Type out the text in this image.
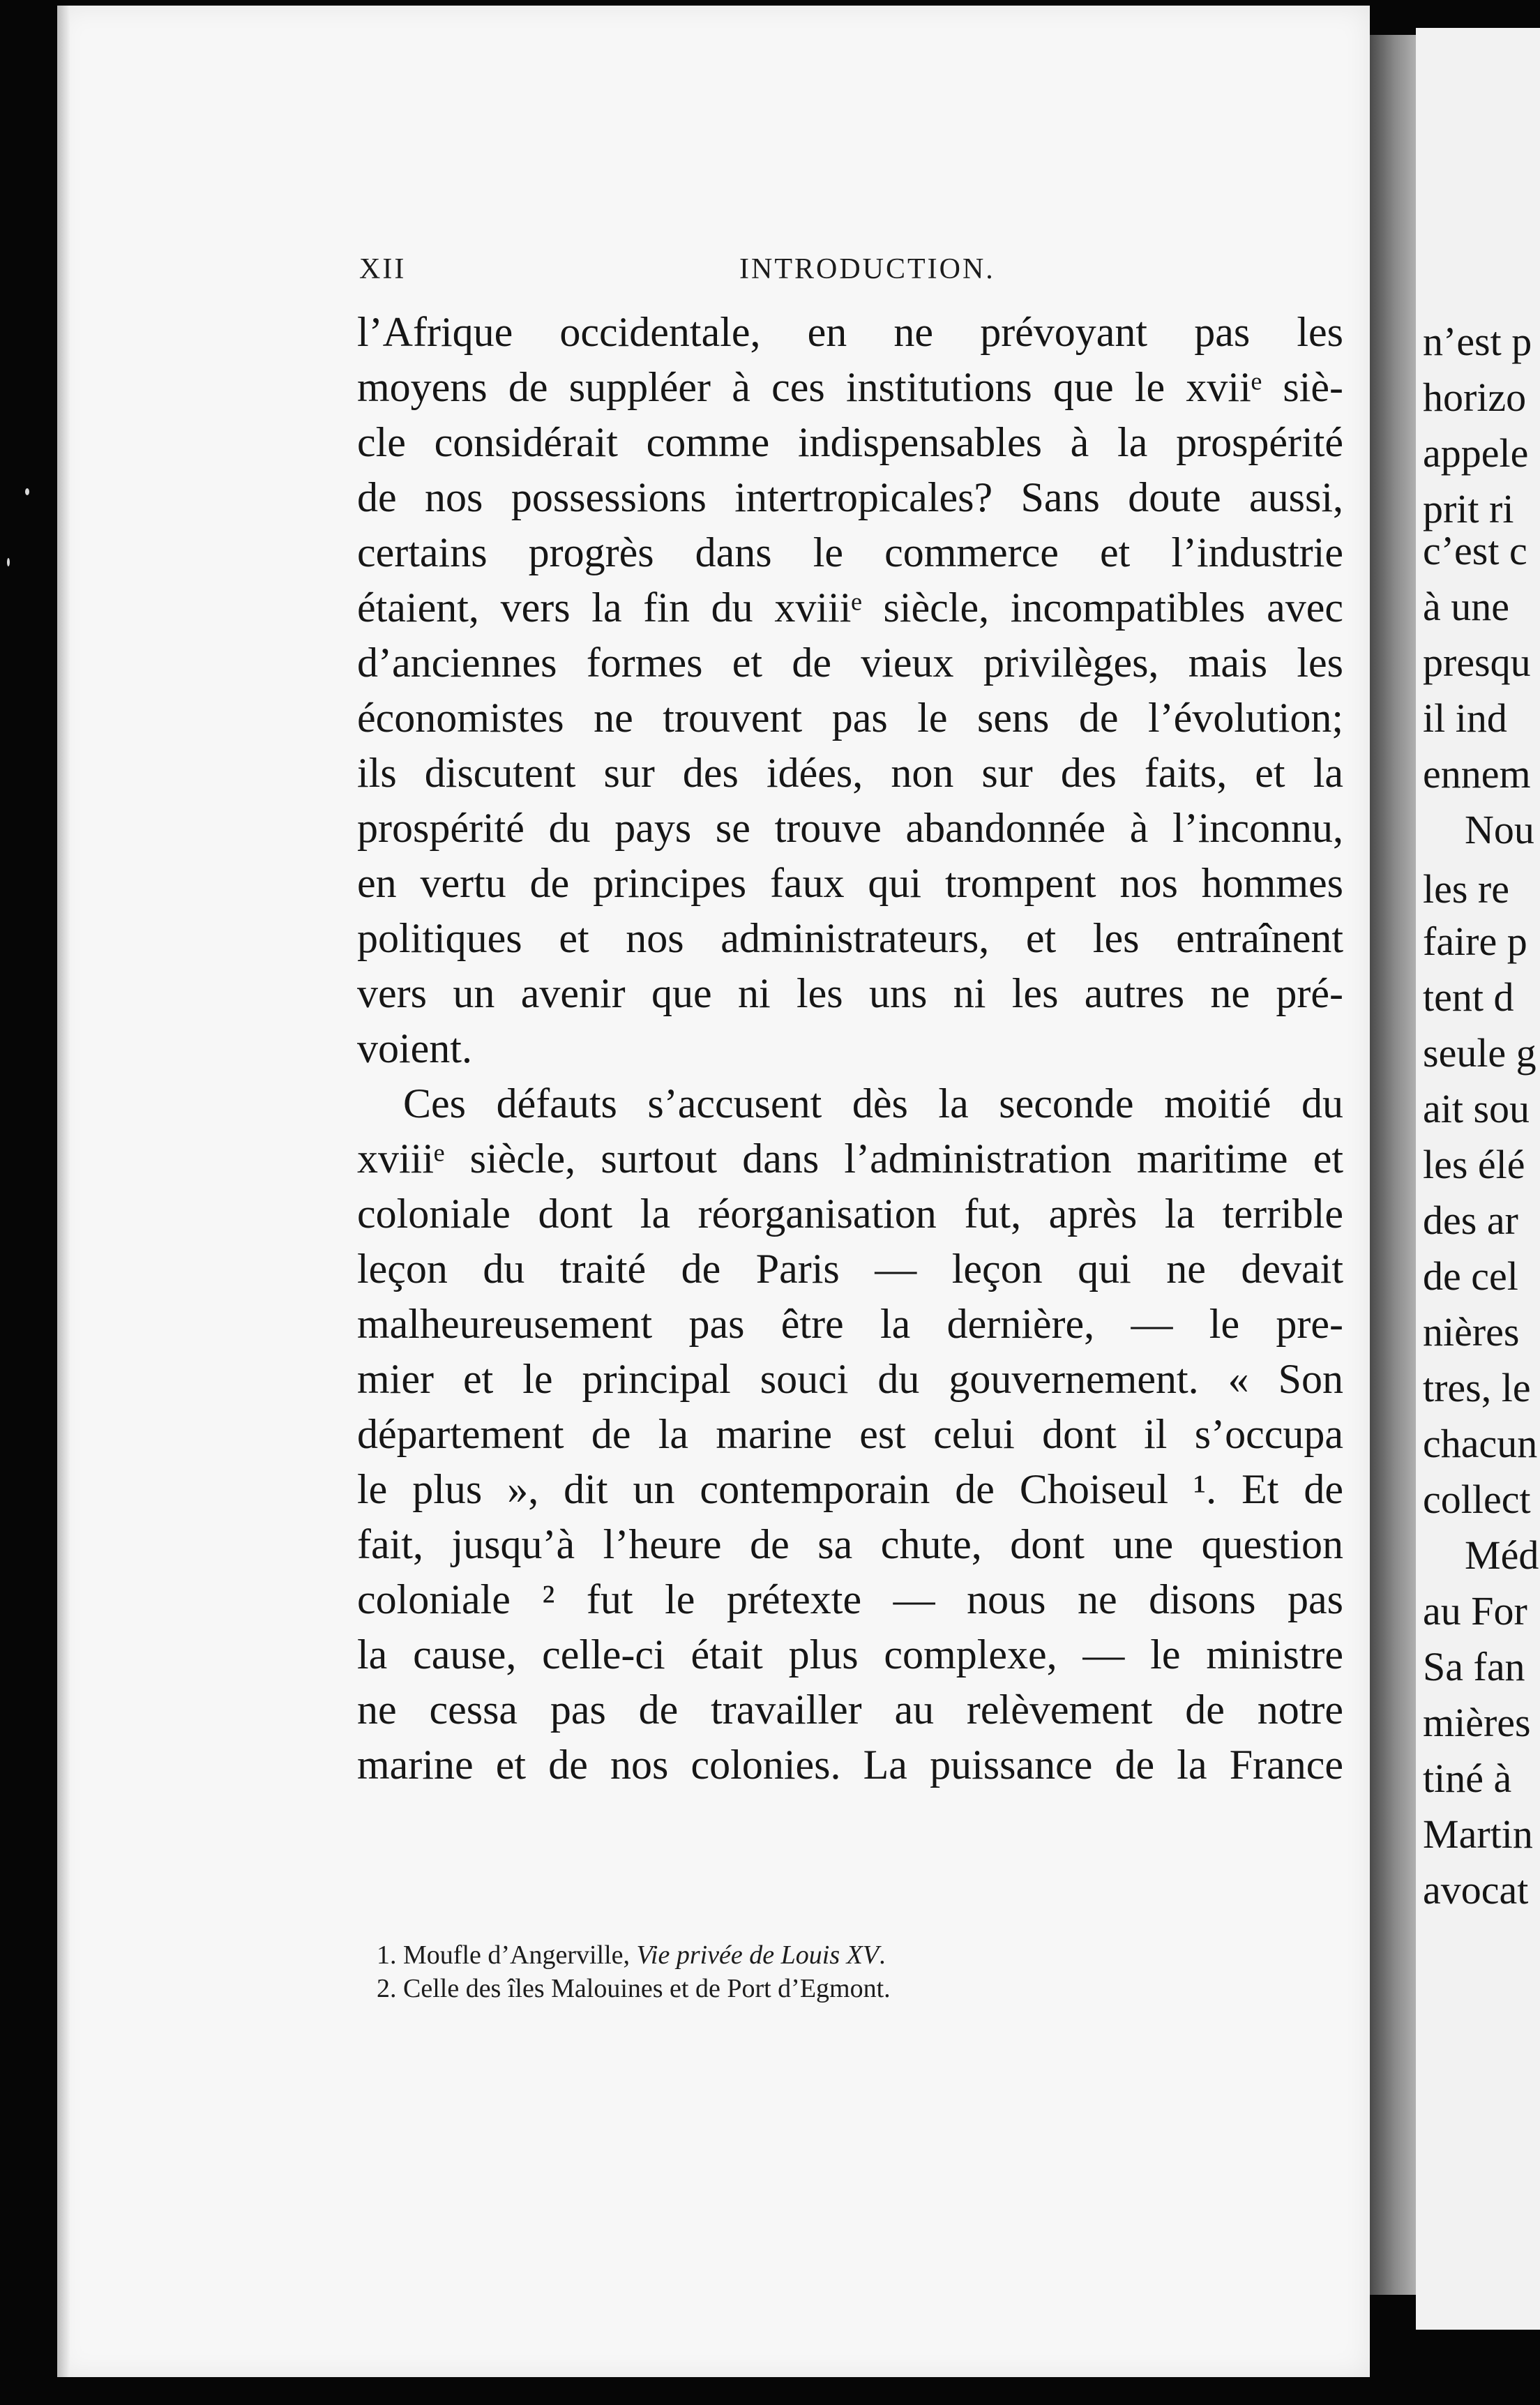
XII	INTRODUCTION.
l’Afrique occidentale, en ne prévoyant pas les
moyens de suppléer à ces institutions que le xviiᵉ siè-
cle considérait comme indispensables à la prospérité
de nos possessions intertropicales? Sans doute aussi,
certains progrès dans le commerce et l’industrie
étaient, vers la fin du xviiiᵉ siècle, incompatibles avec
d’anciennes formes et de vieux privilèges, mais les
économistes ne trouvent pas le sens de l’évolution;
ils discutent sur des idées, non sur des faits, et la
prospérité du pays se trouve abandonnée à l’inconnu,
en vertu de principes faux qui trompent nos hommes
politiques et nos administrateurs, et les entraînent
vers un avenir que ni les uns ni les autres ne pré-
voient.
Ces défauts s’accusent dès la seconde moitié du
xviiiᵉ siècle, surtout dans l’administration maritime et
coloniale dont la réorganisation fut, après la terrible
leçon du traité de Paris — leçon qui ne devait
malheureusement pas être la dernière, — le pre-
mier et le principal souci du gouvernement. « Son
département de la marine est celui dont il s’occupa
le plus », dit un contemporain de Choiseul ¹. Et de
fait, jusqu’à l’heure de sa chute, dont une question
coloniale ² fut le prétexte — nous ne disons pas
la cause, celle-ci était plus complexe, — le ministre
ne cessa pas de travailler au relèvement de notre
marine et de nos colonies. La puissance de la France
1. Moufle d’Angerville, Vie privée de Louis XV.
2. Celle des îles Malouines et de Port d’Egmont.
n’est p
horizo
appele
prit ri
c’est c
à une
presqu
il ind
ennem
Nou
les re
faire p
tent d
seule g
ait sou
les élé
des ar
de cel
nières
tres, le
chacun
collect
Méd
au For
Sa fan
mières
tiné à
Martin
avocat
